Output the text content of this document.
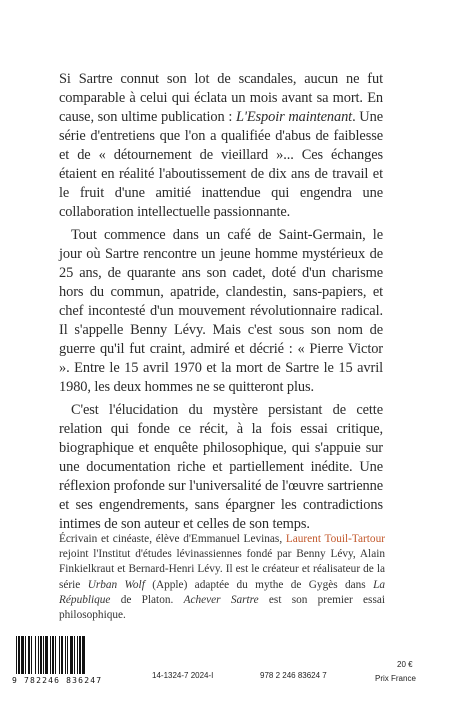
Si Sartre connut son lot de scandales, aucun ne fut comparable à celui qui éclata un mois avant sa mort. En cause, son ultime publication : L'Espoir maintenant. Une série d'entretiens que l'on a qualifiée d'abus de faiblesse et de « détournement de vieillard »... Ces échanges étaient en réalité l'aboutissement de dix ans de travail et le fruit d'une amitié inattendue qui engendra une collaboration intellectuelle passionnante.

Tout commence dans un café de Saint-Germain, le jour où Sartre rencontre un jeune homme mystérieux de 25 ans, de quarante ans son cadet, doté d'un charisme hors du commun, apatride, clandestin, sans-papiers, et chef incontesté d'un mouvement révolutionnaire radical. Il s'appelle Benny Lévy. Mais c'est sous son nom de guerre qu'il fut craint, admiré et décrié : « Pierre Victor ». Entre le 15 avril 1970 et la mort de Sartre le 15 avril 1980, les deux hommes ne se quitteront plus.

C'est l'élucidation du mystère persistant de cette relation qui fonde ce récit, à la fois essai critique, biographique et enquête philosophique, qui s'appuie sur une documentation riche et partiellement inédite. Une réflexion profonde sur l'universalité de l'œuvre sartrienne et ses engendrements, sans épargner les contradictions intimes de son auteur et celles de son temps.

Écrivain et cinéaste, élève d'Emmanuel Levinas, Laurent Touil-Tartour rejoint l'Institut d'études lévinassiennes fondé par Benny Lévy, Alain Finkielkraut et Bernard-Henri Lévy. Il est le créateur et réalisateur de la série Urban Wolf (Apple) adaptée du mythe de Gygès dans La République de Platon. Achever Sartre est son premier essai philosophique.
9 782246 836247
14-1324-7 2024-I	978 2 246 83624 7
20 €
Prix France
